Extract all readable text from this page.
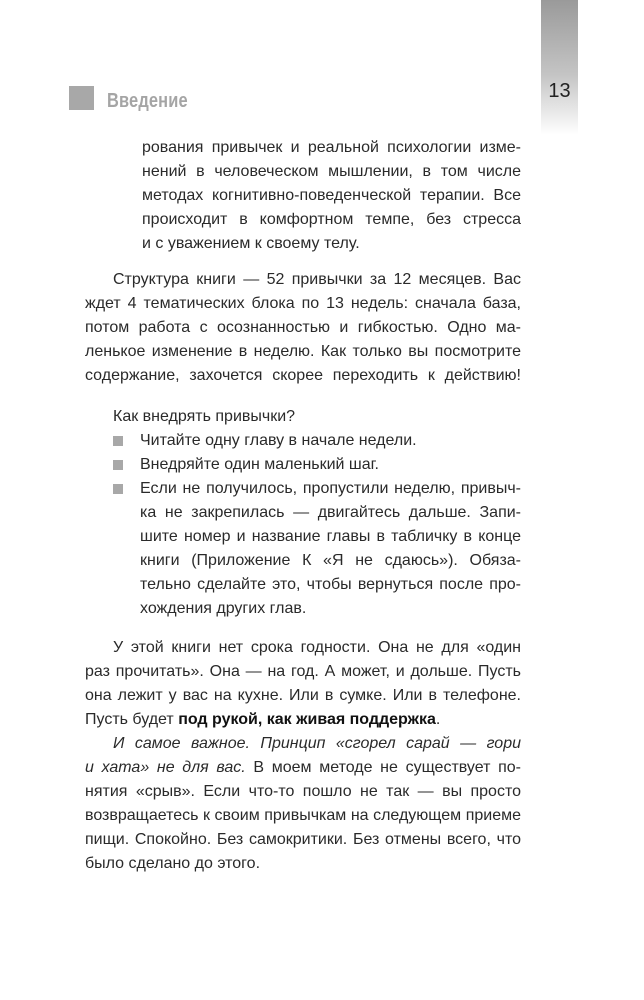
13
Введение
рования привычек и реальной психологии изме-
нений в человеческом мышлении, в том числе
методах когнитивно-поведенческой терапии. Все
происходит в комфортном темпе, без стресса
и с уважением к своему телу.
Структура книги — 52 привычки за 12 месяцев. Вас
ждет 4 тематических блока по 13 недель: сначала база,
потом работа с осознанностью и гибкостью. Одно ма-
ленькое изменение в неделю. Как только вы посмотрите
содержание, захочется скорее переходить к действию!
Как внедрять привычки?
Читайте одну главу в начале недели.
Внедряйте один маленький шаг.
Если не получилось, пропустили неделю, привыч-
ка не закрепилась — двигайтесь дальше. Запи-
шите номер и название главы в табличку в конце
книги (Приложение К «Я не сдаюсь»). Обяза-
тельно сделайте это, чтобы вернуться после про-
хождения других глав.
У этой книги нет срока годности. Она не для «один
раз прочитать». Она — на год. А может, и дольше. Пусть
она лежит у вас на кухне. Или в сумке. Или в телефоне.
Пусть будет под рукой, как живая поддержка.
И самое важное. Принцип «сгорел сарай — гори
и хата» не для вас. В моем методе не существует по-
нятия «срыв». Если что-то пошло не так — вы просто
возвращаетесь к своим привычкам на следующем приеме
пищи. Спокойно. Без самокритики. Без отмены всего, что
было сделано до этого.
